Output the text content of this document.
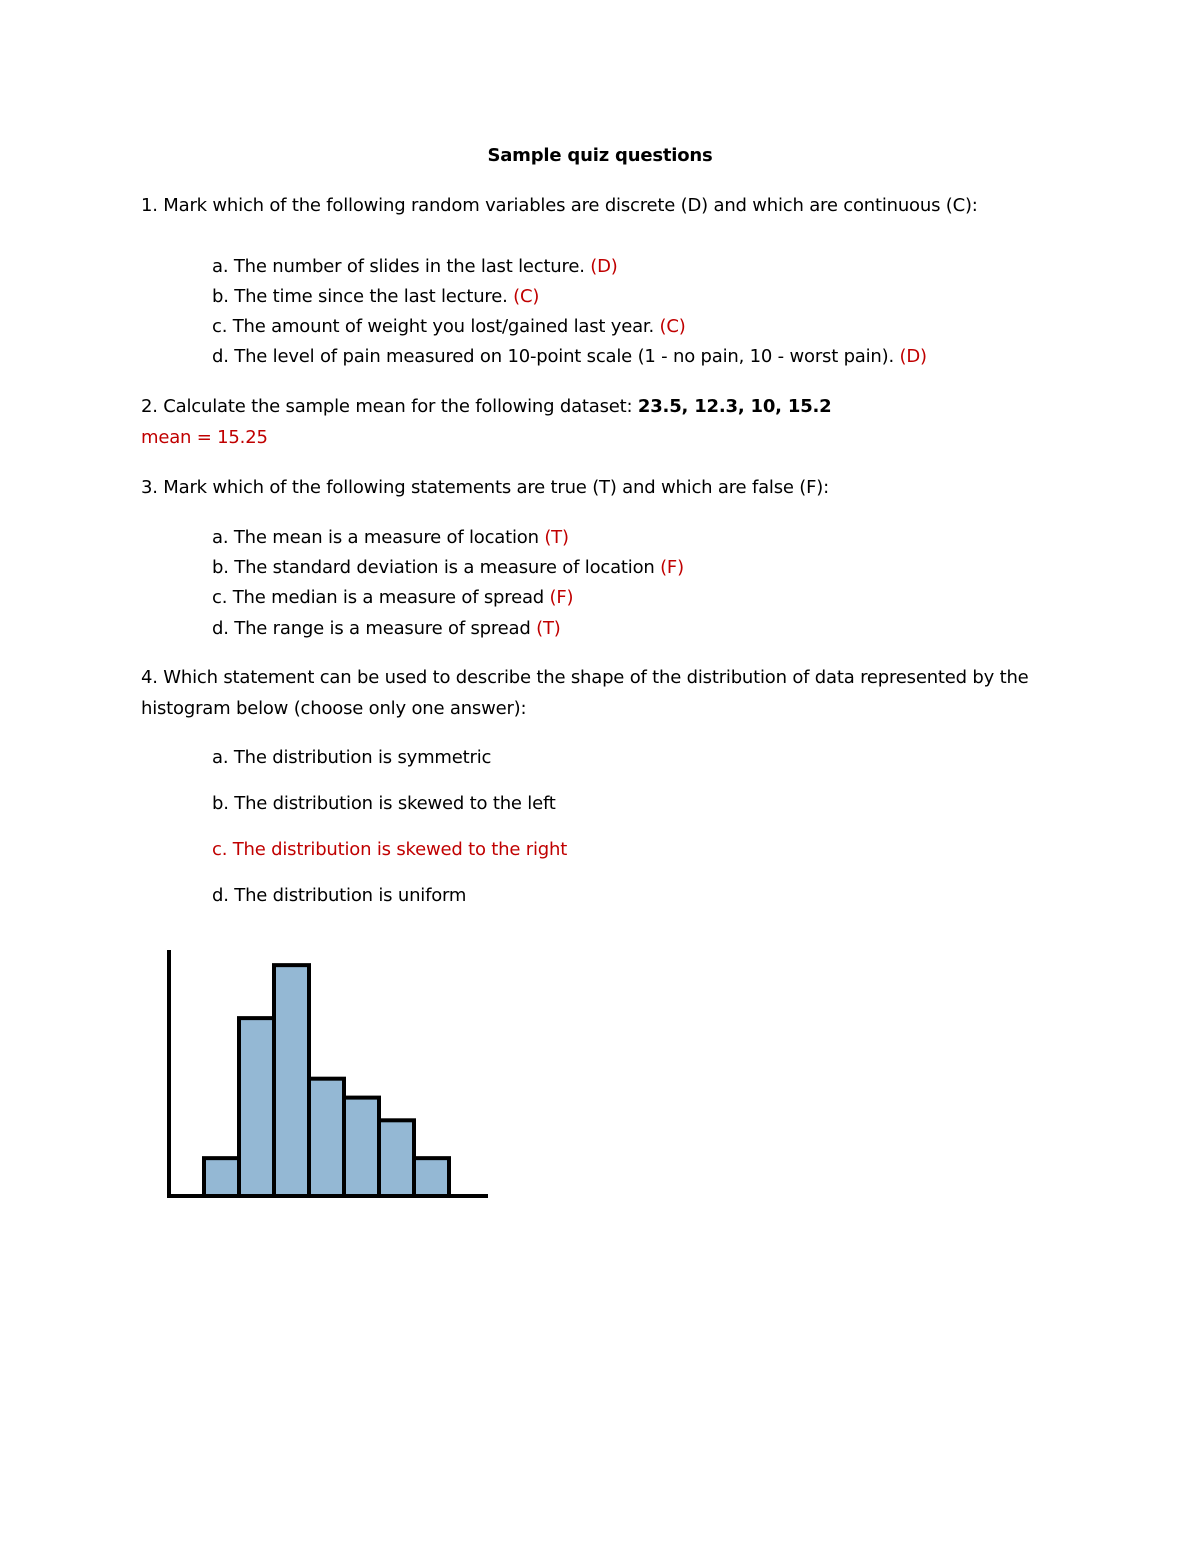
Sample quiz questions
1. Mark which of the following random variables are discrete (D) and which are continuous (C):
a. The number of slides in the last lecture. (D)
b. The time since the last lecture. (C)
c. The amount of weight you lost/gained last year. (C)
d. The level of pain measured on 10-point scale (1 - no pain, 10 - worst pain). (D)
2. Calculate the sample mean for the following dataset: 23.5, 12.3, 10, 15.2
mean = 15.25
3. Mark which of the following statements are true (T) and which are false (F):
a. The mean is a measure of location (T)
b. The standard deviation is a measure of location (F)
c. The median is a measure of spread (F)
d. The range is a measure of spread (T)
4. Which statement can be used to describe the shape of the distribution of data represented by the
histogram below (choose only one answer):
a. The distribution is symmetric
b. The distribution is skewed to the left
c. The distribution is skewed to the right
d. The distribution is uniform
